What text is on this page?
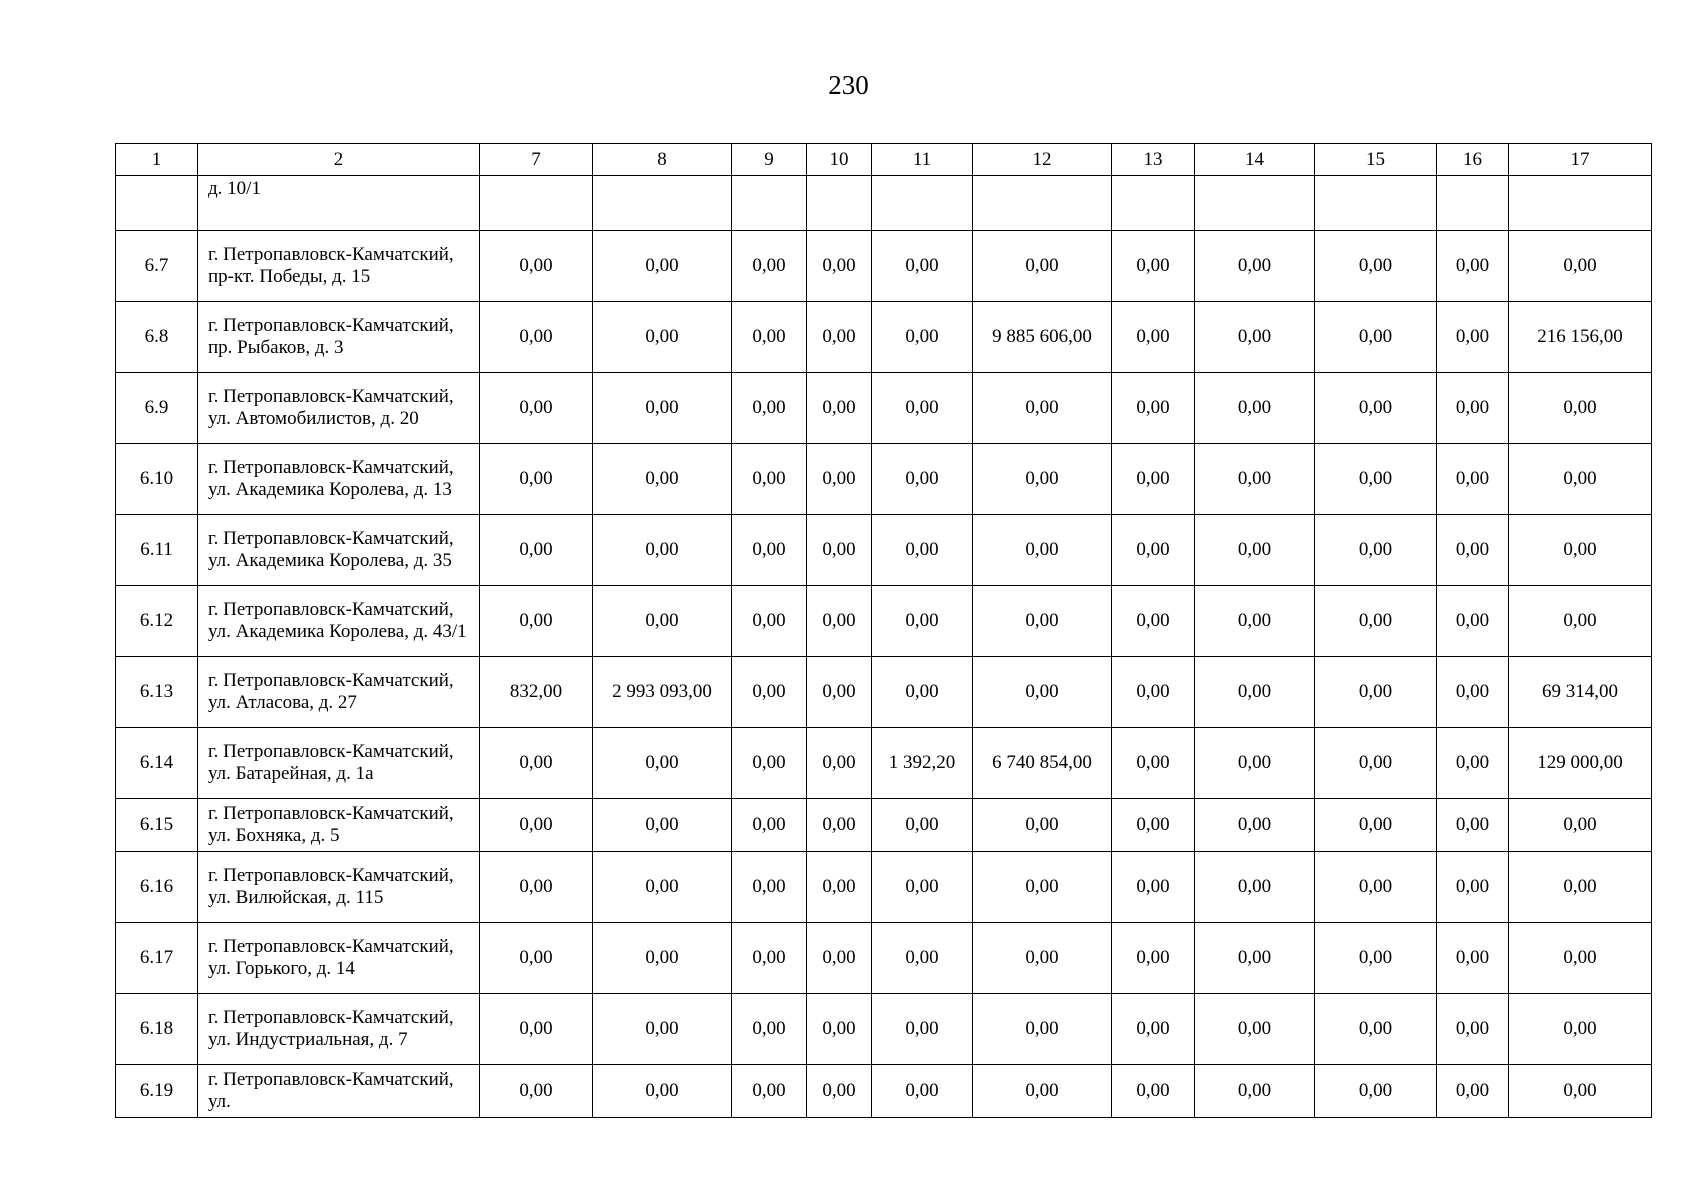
230
1	2	7	8	9	10	11	12	13	14	15	16	17
	д. 10/1											
6.7	г. Петропавловск-Камчатский, пр-кт. Победы, д. 15	0,00	0,00	0,00	0,00	0,00	0,00	0,00	0,00	0,00	0,00	0,00
6.8	г. Петропавловск-Камчатский, пр. Рыбаков, д. 3	0,00	0,00	0,00	0,00	0,00	9 885 606,00	0,00	0,00	0,00	0,00	216 156,00
6.9	г. Петропавловск-Камчатский, ул. Автомобилистов, д. 20	0,00	0,00	0,00	0,00	0,00	0,00	0,00	0,00	0,00	0,00	0,00
6.10	г. Петропавловск-Камчатский, ул. Академика Королева, д. 13	0,00	0,00	0,00	0,00	0,00	0,00	0,00	0,00	0,00	0,00	0,00
6.11	г. Петропавловск-Камчатский, ул. Академика Королева, д. 35	0,00	0,00	0,00	0,00	0,00	0,00	0,00	0,00	0,00	0,00	0,00
6.12	г. Петропавловск-Камчатский, ул. Академика Королева, д. 43/1	0,00	0,00	0,00	0,00	0,00	0,00	0,00	0,00	0,00	0,00	0,00
6.13	г. Петропавловск-Камчатский, ул. Атласова, д. 27	832,00	2 993 093,00	0,00	0,00	0,00	0,00	0,00	0,00	0,00	0,00	69 314,00
6.14	г. Петропавловск-Камчатский, ул. Батарейная, д. 1а	0,00	0,00	0,00	0,00	1 392,20	6 740 854,00	0,00	0,00	0,00	0,00	129 000,00
6.15	г. Петропавловск-Камчатский, ул. Бохняка, д. 5	0,00	0,00	0,00	0,00	0,00	0,00	0,00	0,00	0,00	0,00	0,00
6.16	г. Петропавловск-Камчатский, ул. Вилюйская, д. 115	0,00	0,00	0,00	0,00	0,00	0,00	0,00	0,00	0,00	0,00	0,00
6.17	г. Петропавловск-Камчатский, ул. Горького, д. 14	0,00	0,00	0,00	0,00	0,00	0,00	0,00	0,00	0,00	0,00	0,00
6.18	г. Петропавловск-Камчатский, ул. Индустриальная, д. 7	0,00	0,00	0,00	0,00	0,00	0,00	0,00	0,00	0,00	0,00	0,00
6.19	г. Петропавловск-Камчатский, ул.	0,00	0,00	0,00	0,00	0,00	0,00	0,00	0,00	0,00	0,00	0,00
